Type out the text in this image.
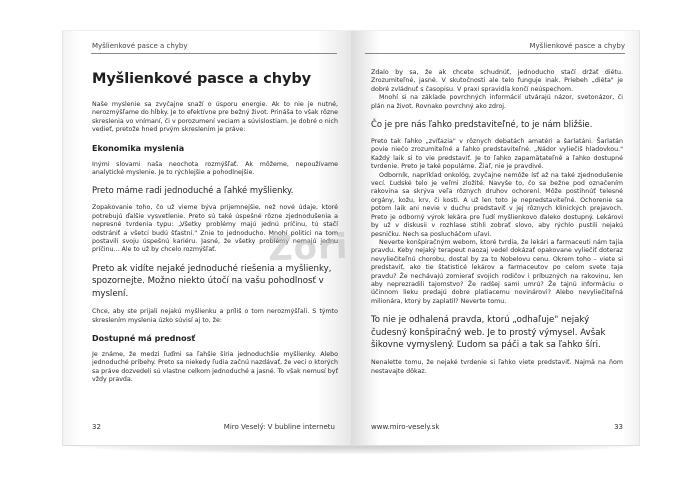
Myšlienkové pasce a chyby
Myšlienkové pasce a chyby

Naše myslenie sa zvyčajne snaží o úsporu energie. Ak to nie je nutné, nerozmýšľame do hĺbky. Je to efektívne pre bežný život. Prináša to však rôzne skreslenia vo vnímaní, či v porozumení veciam a súvislostiam. Je dobré o nich vedieť, pretože hned prvým skreslením je práve:

Ekonomika myslenia

Inými slovami naša neochota rozmýšľať. Ak môžeme, nepoužívame analytické myslenie. Je to rýchlejšie a pohodlnejšie.

Preto máme radi jednoduché a ľahké myšlienky.

Zopakovanie toho, čo už vieme býva prijemnejšie, než nové údaje, ktoré potrebujú ďalšie vysvetlenie. Preto sú také úspešné rôzne zjednodušenia a nepresné tvrdenia typu: „Všetky problémy majú jednú príčinu, tú stačí odstrániť a všetci budú šťastní." Znie to jednoducho. Mnohí politici na tom postavili svoju úspešnú kariéru. Jasné, že všetky problémy nemajú jednu príčinu... Ale to už by chcelo rozmýšľať.

Preto ak vidíte nejaké jednoduché riešenia a myšlienky, spozornejte. Možno niekto útočí na vašu pohodlnosť v myslení.

Chce, aby ste prijali nejakú myšlienku a príliš o tom nerozmýšľali. S týmto skreslením myslenia úzko súvisí aj to, že:

Dostupné má prednosť

Je známe, že medzi ľuďmi sa ľahšie šíria jednoduchšie myšlienky. Alebo jednoduché príbehy. Preto sa niekedy ľudia začnú nazdávať, že veci o ktorých sa práve dozvedeli sú vlastne celkom jednoduché a jasné. To však nemusí byť vždy pravda.

32	Miro Veselý: V bubline internetu
Myšlienkové pasce a chyby

Zdalo by sa, že ak chcete schudnúť, jednoducho stačí držať diétu. Zrozumiteľné, jasné. V skutočnosti ale telo funguje inak. Priebeh „diéta" je dobré zvládnuť s časopisu. V praxi spravidla končí neúspechom.

Mnohí si na základe povrchných informácií utvárajú názor, svetonázor, či plán na život. Rovnako povrchný ako zdroj.

Čo je pre nás ľahko predstaviteľné, to je nám bližšie.

Preto tak ľahko „zvíťazia" v rôznych debatách amatéri a šarlatáni. Šarlatán povie niečo zrozumiteľné a ľahko predstaviteľné. „Nádor vyliečiš hladovkou." Každý laik si to vie predstaviť. Je to ľahko zapamätateľné a ľahko dostupné tvrdenie. Preto je také populárne. Žiaľ, nie je pravdivé.

Odborník, napríklad onkológ, zvyčajne nemôže ísť až na také zjednodušenie vecí. Ľudské telo je veľmi zložité. Navyše to, čo sa bežne pod označením rakovina sa skrýva veľa rôznych druhov ochorení. Môže postihnúť telesné orgány, kožu, krv, či kosti. A už len toto je nepredstaviteľné. Ochorenie sa potom laik ani nevie v duchu predstaviť v jej rôznych klinických prejavoch. Preto je odborný výrok lekára pre ľudí myšlienkovo ďaleko dostupný. Lekárovi by už v diskusii v rozhlase stihli zobrať slovo, aby rýchlo pustili nejakú pesničku. Nech sa poslucháčom uľaví.

Neverte konšpiračným webom, ktoré tvrdia, že lekári a farmaceuti nám tajia pravdu. Keby nejaký terapeut naozaj vedel dokázať opakovane vyliečiť doteraz nevyliečiteľnú chorobu, dostal by za to Nobelovu cenu. Okrem toho – viete si predstaviť, ako tie štatisticé lekárov a farmaceutov po celom svete taja pravdu? Že nechávajú zomierať svojich rodičov i príbuzných na rakovinu, len aby neprezradili tajomstvo? Že radšej sami umrú? Že tajnú informáciu o účinnom lieku predajú dobre platiacemu novinárovi? Alebo nevyliečiteľná milionára, ktorý by zaplatil? Neverte tomu.

To nie je odhalená pravda, ktorú „odhaľuje" nejaký čudesný konšpiračný web. Je to prostý výmysel. Avšak šikovne vymyslený. Ľudom sa páči a tak sa ľahko šíri.

Nenalette tomu, že nejaké tvrdenie si ľahko viete predstaviť. Najmä na ňom nestavajte dôkaz.

www.miro-vesely.sk	33
Zori
